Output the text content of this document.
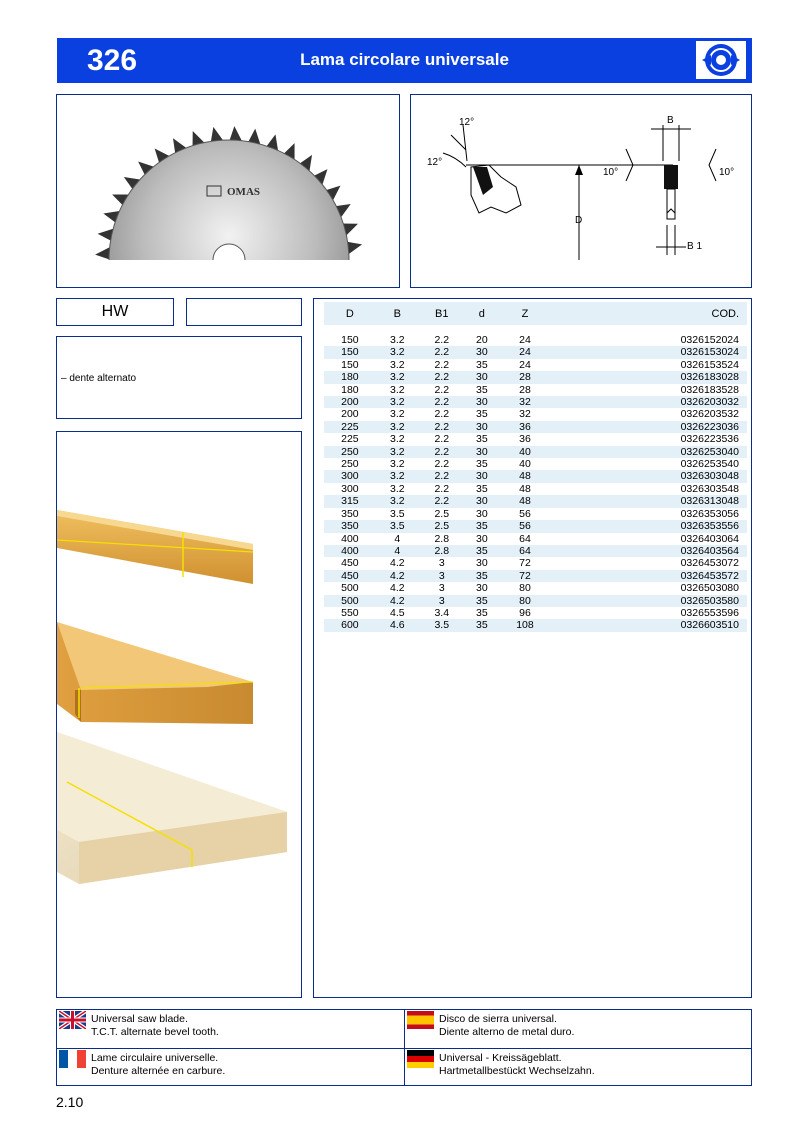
326	Lama circolare universale
OMAS
12°
12°
D
B
10°	10°
B 1
HW
– dente alternato
D	B	B1	d	Z	COD.

150	3.2	2.2	20	24	0326152024
150	3.2	2.2	30	24	0326153024
150	3.2	2.2	35	24	0326153524
180	3.2	2.2	30	28	0326183028
180	3.2	2.2	35	28	0326183528
200	3.2	2.2	30	32	0326203032
200	3.2	2.2	35	32	0326203532
225	3.2	2.2	30	36	0326223036
225	3.2	2.2	35	36	0326223536
250	3.2	2.2	30	40	0326253040
250	3.2	2.2	35	40	0326253540
300	3.2	2.2	30	48	0326303048
300	3.2	2.2	35	48	0326303548
315	3.2	2.2	30	48	0326313048
350	3.5	2.5	30	56	0326353056
350	3.5	2.5	35	56	0326353556
400	4	2.8	30	64	0326403064
400	4	2.8	35	64	0326403564
450	4.2	3	30	72	0326453072
450	4.2	3	35	72	0326453572
500	4.2	3	30	80	0326503080
500	4.2	3	35	80	0326503580
550	4.5	3.4	35	96	0326553596
600	4.6	3.5	35	108	0326603510
Universal saw blade.
T.C.T. alternate bevel tooth.
Disco de sierra universal.
Diente alterno de metal duro.
Lame circulaire universelle.
Denture alternée en carbure.
Universal - Kreissägeblatt.
Hartmetallbestückt Wechselzahn.
2.10
